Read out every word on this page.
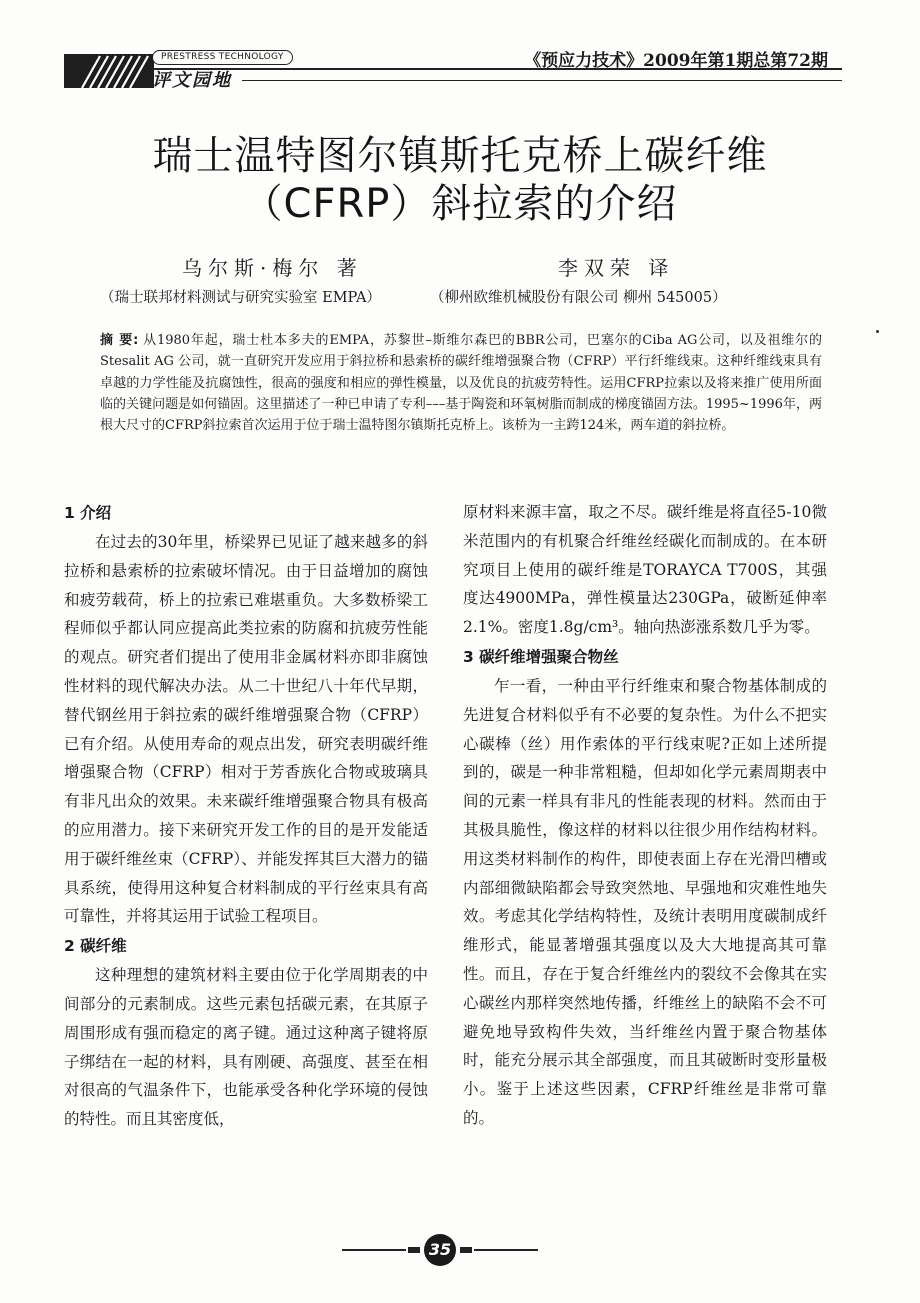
PRESTRESS TECHNOLOGY
评文园地
《预应力技术》2009年第1期总第72期
瑞士温特图尔镇斯托克桥上碳纤维
（CFRP）斜拉索的介绍
乌尔斯·梅尔 著	李双荣 译
（瑞士联邦材料测试与研究实验室 EMPA）	（柳州欧维机械股份有限公司 柳州 545005）
摘 要: 从1980年起，瑞士杜本多夫的EMPA，苏黎世–斯维尔森巴的BBR公司，巴塞尔的Ciba AG公司，以及祖维尔的Stesalit AG 公司，就一直研究开发应用于斜拉桥和悬索桥的碳纤维增强聚合物（CFRP）平行纤维线束。这种纤维线束具有卓越的力学性能及抗腐蚀性，很高的强度和相应的弹性模量，以及优良的抗疲劳特性。运用CFRP拉索以及将来推广使用所面临的关键问题是如何锚固。这里描述了一种已申请了专利–––基于陶瓷和环氧树脂而制成的梯度锚固方法。1995~1996年，两根大尺寸的CFRP斜拉索首次运用于位于瑞士温特图尔镇斯托克桥上。该桥为一主跨124米，两车道的斜拉桥。
1 介绍

在过去的30年里，桥梁界已见证了越来越多的斜拉桥和悬索桥的拉索破坏情况。由于日益增加的腐蚀和疲劳载荷，桥上的拉索已难堪重负。大多数桥梁工程师似乎都认同应提高此类拉索的防腐和抗疲劳性能的观点。研究者们提出了使用非金属材料亦即非腐蚀性材料的现代解决办法。从二十世纪八十年代早期，替代钢丝用于斜拉索的碳纤维增强聚合物（CFRP）已有介绍。从使用寿命的观点出发，研究表明碳纤维增强聚合物（CFRP）相对于芳香族化合物或玻璃具有非凡出众的效果。未来碳纤维增强聚合物具有极高的应用潜力。接下来研究开发工作的目的是开发能适用于碳纤维丝束（CFRP）、并能发挥其巨大潜力的锚具系统，使得用这种复合材料制成的平行丝束具有高可靠性，并将其运用于试验工程项目。

2 碳纤维

这种理想的建筑材料主要由位于化学周期表的中间部分的元素制成。这些元素包括碳元素，在其原子周围形成有强而稳定的离子键。通过这种离子键将原子绑结在一起的材料，具有刚硬、高强度、甚至在相对很高的气温条件下，也能承受各种化学环境的侵蚀的特性。而且其密度低，

原材料来源丰富，取之不尽。碳纤维是将直径5-10微米范围内的有机聚合纤维丝经碳化而制成的。在本研究项目上使用的碳纤维是TORAYCA T700S，其强度达4900MPa，弹性模量达230GPa，破断延伸率2.1%。密度1.8g/cm³。轴向热澎涨系数几乎为零。

3 碳纤维增强聚合物丝

乍一看，一种由平行纤维束和聚合物基体制成的先进复合材料似乎有不必要的复杂性。为什么不把实心碳棒（丝）用作索体的平行线束呢?正如上述所提到的，碳是一种非常粗糙，但却如化学元素周期表中间的元素一样具有非凡的性能表现的材料。然而由于其极具脆性，像这样的材料以往很少用作结构材料。用这类材料制作的构件，即使表面上存在光滑凹槽或内部细微缺陷都会导致突然地、早强地和灾难性地失效。考虑其化学结构特性，及统计表明用度碳制成纤维形式，能显著增强其强度以及大大地提高其可靠性。而且，存在于复合纤维丝内的裂纹不会像其在实心碳丝内那样突然地传播，纤维丝上的缺陷不会不可避免地导致构件失效，当纤维丝内置于聚合物基体时，能充分展示其全部强度，而且其破断时变形量极小。鉴于上述这些因素，CFRP纤维丝是非常可靠的。

35
